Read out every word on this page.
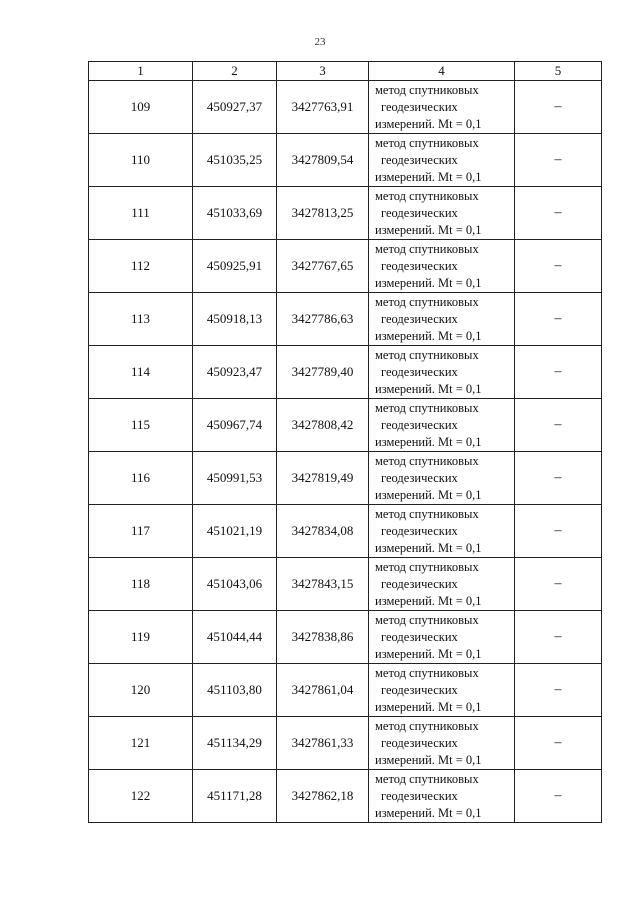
23
1	2	3	4	5
109	450927,37	3427763,91	метод спутниковых
геодезических
измерений. Mt = 0,1	–
110	451035,25	3427809,54	метод спутниковых
геодезических
измерений. Mt = 0,1	–
111	451033,69	3427813,25	метод спутниковых
геодезических
измерений. Mt = 0,1	–
112	450925,91	3427767,65	метод спутниковых
геодезических
измерений. Mt = 0,1	–
113	450918,13	3427786,63	метод спутниковых
геодезических
измерений. Mt = 0,1	–
114	450923,47	3427789,40	метод спутниковых
геодезических
измерений. Mt = 0,1	–
115	450967,74	3427808,42	метод спутниковых
геодезических
измерений. Mt = 0,1	–
116	450991,53	3427819,49	метод спутниковых
геодезических
измерений. Mt = 0,1	–
117	451021,19	3427834,08	метод спутниковых
геодезических
измерений. Mt = 0,1	–
118	451043,06	3427843,15	метод спутниковых
геодезических
измерений. Mt = 0,1	–
119	451044,44	3427838,86	метод спутниковых
геодезических
измерений. Mt = 0,1	–
120	451103,80	3427861,04	метод спутниковых
геодезических
измерений. Mt = 0,1	–
121	451134,29	3427861,33	метод спутниковых
геодезических
измерений. Mt = 0,1	–
122	451171,28	3427862,18	метод спутниковых
геодезических
измерений. Mt = 0,1	–
